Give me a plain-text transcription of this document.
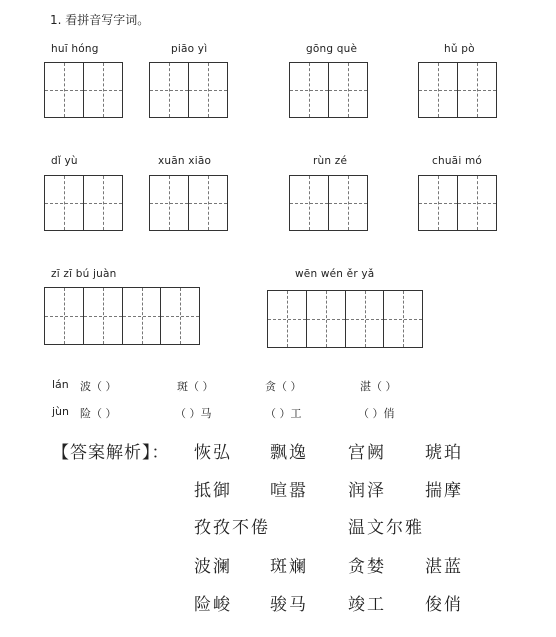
1. 看拼音写字词。
huī hóng	piāo yì	gōng què	hǔ pò
dǐ yù	xuān xiāo	rùn zé	chuāi mó
zī zī bú juàn	wēn wén ěr yǎ
lán 波（ ）	斑（ ）	贪（ ）	湛（ ）
jùn 险（ ）	（ ）马	（ ）工	（ ）俏
【答案解析】： 恢弘 飘逸 宫阙 琥珀
抵御 喧嚣 润泽 揣摩
孜孜不倦	温文尔雅
波澜 斑斓 贪婪 湛蓝
险峻 骏马 竣工 俊俏
